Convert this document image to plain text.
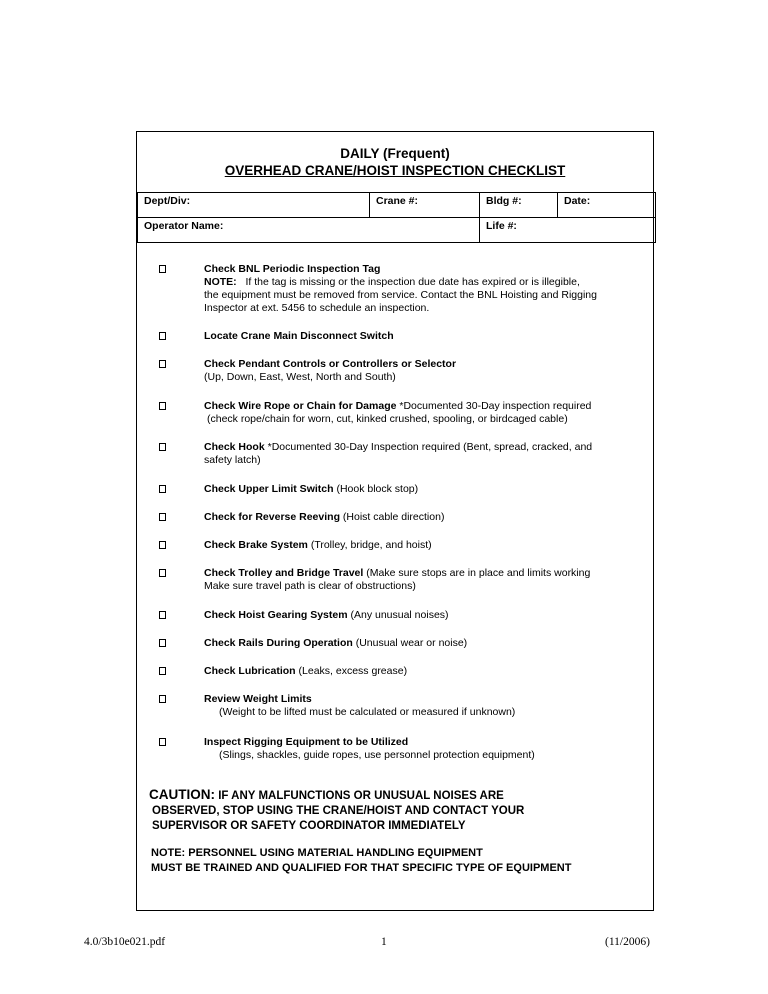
DAILY (Frequent)
OVERHEAD CRANE/HOIST INSPECTION CHECKLIST
Dept/Div:	Crane #:	Bldg #:	Date:
Operator Name:		Life #:	
Check BNL Periodic Inspection Tag
NOTE: If the tag is missing or the inspection due date has expired or is illegible,
the equipment must be removed from service. Contact the BNL Hoisting and Rigging
Inspector at ext. 5456 to schedule an inspection.
Locate Crane Main Disconnect Switch
Check Pendant Controls or Controllers or Selector
(Up, Down, East, West, North and South)
Check Wire Rope or Chain for Damage *Documented 30-Day inspection required
(check rope/chain for worn, cut, kinked crushed, spooling, or birdcaged cable)
Check Hook *Documented 30-Day Inspection required (Bent, spread, cracked, and
safety latch)
Check Upper Limit Switch (Hook block stop)
Check for Reverse Reeving (Hoist cable direction)
Check Brake System (Trolley, bridge, and hoist)
Check Trolley and Bridge Travel (Make sure stops are in place and limits working
Make sure travel path is clear of obstructions)
Check Hoist Gearing System (Any unusual noises)
Check Rails During Operation (Unusual wear or noise)
Check Lubrication (Leaks, excess grease)
Review Weight Limits
(Weight to be lifted must be calculated or measured if unknown)
Inspect Rigging Equipment to be Utilized
(Slings, shackles, guide ropes, use personnel protection equipment)
CAUTION: IF ANY MALFUNCTIONS OR UNUSUAL NOISES ARE
OBSERVED, STOP USING THE CRANE/HOIST AND CONTACT YOUR
SUPERVISOR OR SAFETY COORDINATOR IMMEDIATELY
NOTE: PERSONNEL USING MATERIAL HANDLING EQUIPMENT
MUST BE TRAINED AND QUALIFIED FOR THAT SPECIFIC TYPE OF EQUIPMENT
4.0/3b10e021.pdf	1	(11/2006)
